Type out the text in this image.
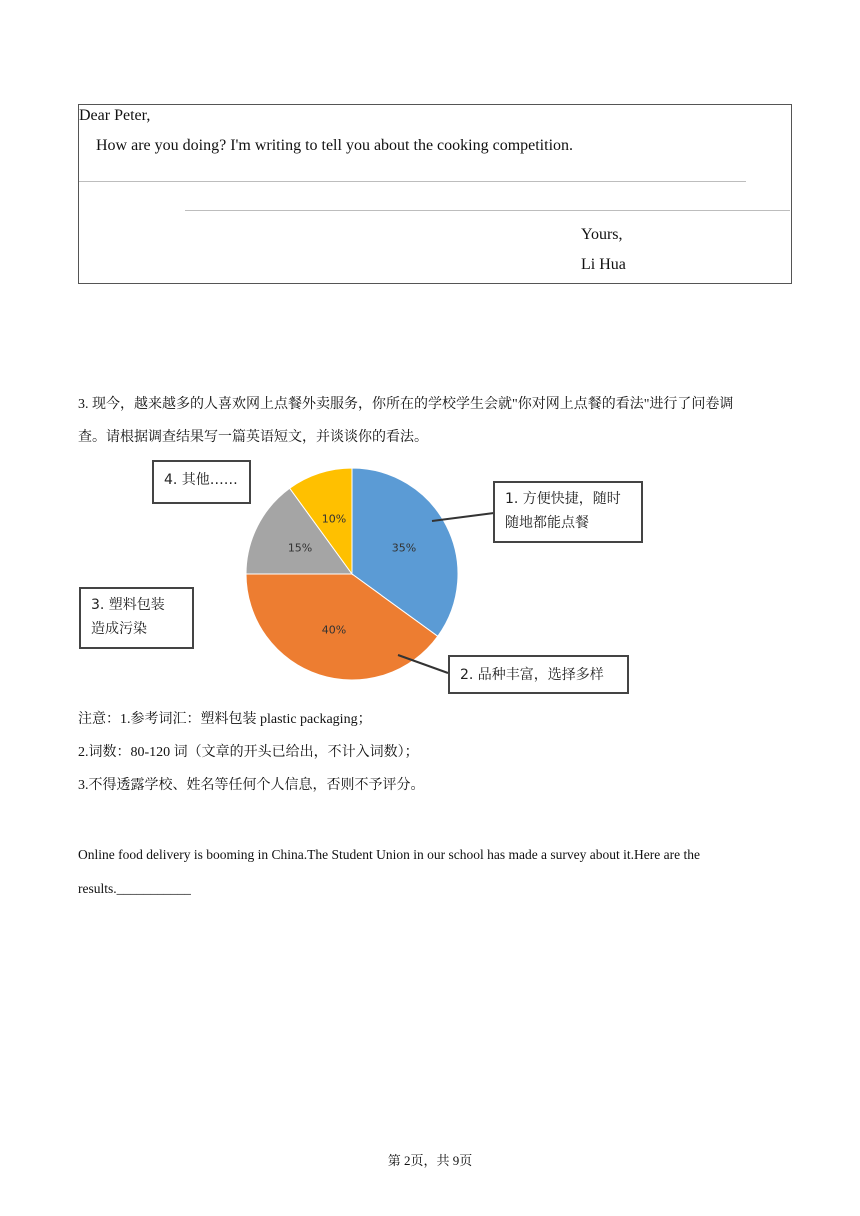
Dear Peter,
How are you doing? I'm writing to tell you about the cooking competition.
Yours,
Li Hua
3. 现今，越来越多的人喜欢网上点餐外卖服务，你所在的学校学生会就"你对网上点餐的看法"进行了问卷调
查。请根据调查结果写一篇英语短文，并谈谈你的看法。
35%
40%
15%
10%
1. 方便快捷，随时
随地都能点餐
2. 品种丰富，选择多样
3. 塑料包装
造成污染
4. 其他……
注意：1.参考词汇：塑料包装 plastic packaging；
2.词数：80-120 词（文章的开头已给出，不计入词数）；
3.不得透露学校、姓名等任何个人信息，否则不予评分。
Online food delivery is booming in China.The Student Union in our school has made a survey about it.Here are the
results.___________
第 2页，共 9页
